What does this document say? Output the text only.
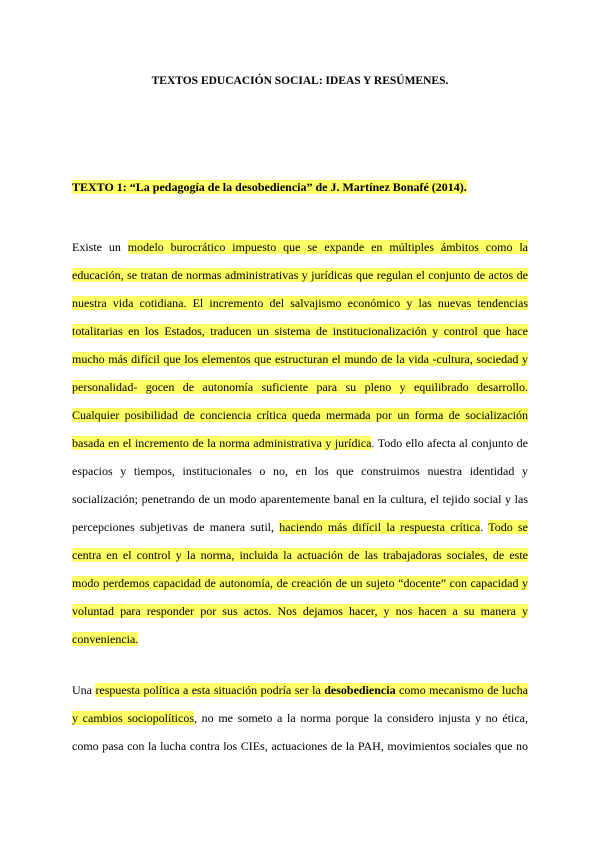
TEXTOS EDUCACIÓN SOCIAL: IDEAS Y RESÚMENES.
TEXTO 1: “La pedagogía de la desobediencia” de J. Martínez Bonafé (2014).
Existe un modelo burocrático impuesto que se expande en múltiples ámbitos como la
educación, se tratan de normas administrativas y jurídicas que regulan el conjunto de actos de
nuestra vida cotidiana. El incremento del salvajismo económico y las nuevas tendencias
totalitarias en los Estados, traducen un sistema de institucionalización y control que hace
mucho más difícil que los elementos que estructuran el mundo de la vida -cultura, sociedad y
personalidad- gocen de autonomía suficiente para su pleno y equilibrado desarrollo.
Cualquier posibilidad de conciencia crítica queda mermada por un forma de socialización
basada en el incremento de la norma administrativa y jurídica. Todo ello afecta al conjunto de
espacios y tiempos, institucionales o no, en los que construimos nuestra identidad y
socialización; penetrando de un modo aparentemente banal en la cultura, el tejido social y las
percepciones subjetivas de manera sutil, haciendo más difícil la respuesta crítica. Todo se
centra en el control y la norma, incluida la actuación de las trabajadoras sociales, de este
modo perdemos capacidad de autonomía, de creación de un sujeto “docente” con capacidad y
voluntad para responder por sus actos. Nos dejamos hacer, y nos hacen a su manera y
conveniencia.
Una respuesta política a esta situación podría ser la desobediencia como mecanismo de lucha
y cambios sociopolíticos, no me someto a la norma porque la considero injusta y no ética,
como pasa con la lucha contra los CIEs, actuaciones de la PAH, movimientos sociales que no
